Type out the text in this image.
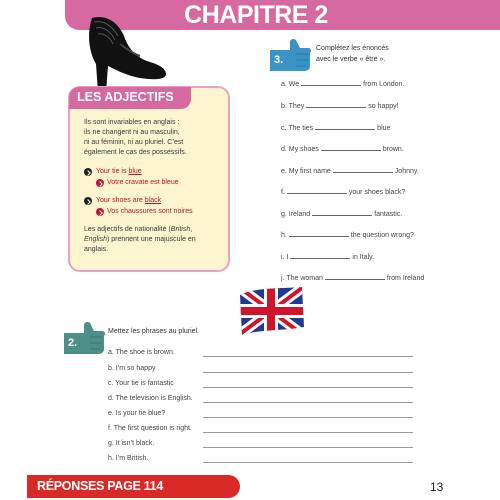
CHAPITRE 2
LES ADJECTIFS
Ils sont invariables en anglais :
ils ne changent ni au masculin,
ni au féminin, ni au pluriel. C’est
également le cas des possessifs.
Your tie is blue
Votre cravate est bleue
Your shoes are black
Vos chaussures sont noires
Les adjectifs de nationalité (British,
English) prennent une majuscule en
anglais.
3.
Complétez les énoncés
avec le verbe « être ».
a. We	from London.
b. They	so happy!
c. The ties	blue
d. My shoes	brown.
e. My first name	Johnny.
f.	your shoes black?
g. Ireland	fantastic.
h.	the question wrong?
i. I	in Italy.
j. The woman	from Ireland
2.
Mettez les phrases au pluriel.
a. The shoe is brown.
b. I’m so happy
c. Your tie is fantastic
d. The television is English.
e. Is your tie blue?
f. The first question is right.
g. It isn’t black.
h. I’m British.
RÉPONSES PAGE 114	13
